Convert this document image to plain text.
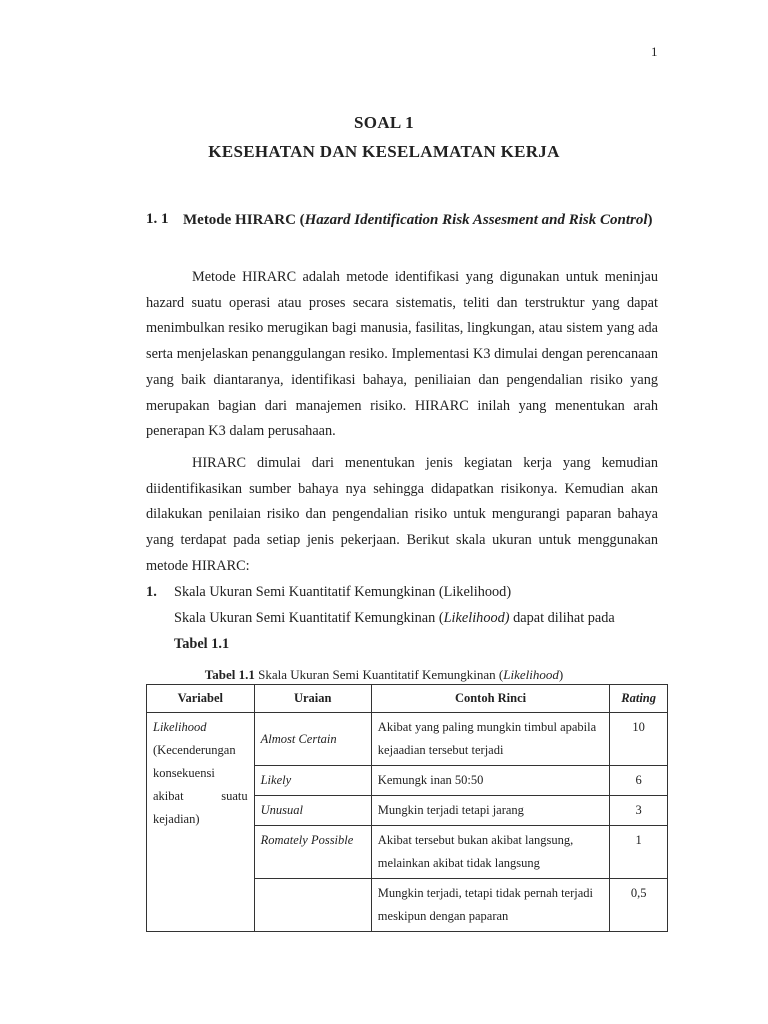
1
SOAL 1
KESEHATAN DAN KESELAMATAN KERJA
1. 1 Metode HIRARC (Hazard Identification Risk Assesment and Risk Control)

Metode HIRARC adalah metode identifikasi yang digunakan untuk meninjau hazard suatu operasi atau proses secara sistematis, teliti dan terstruktur yang dapat menimbulkan resiko merugikan bagi manusia, fasilitas, lingkungan, atau sistem yang ada serta menjelaskan penanggulangan resiko. Implementasi K3 dimulai dengan perencanaan yang baik diantaranya, identifikasi bahaya, peniliaian dan pengendalian risiko yang merupakan bagian dari manajemen risiko. HIRARC inilah yang menentukan arah penerapan K3 dalam perusahaan.

HIRARC dimulai dari menentukan jenis kegiatan kerja yang kemudian diidentifikasikan sumber bahaya nya sehingga didapatkan risikonya. Kemudian akan dilakukan penilaian risiko dan pengendalian risiko untuk mengurangi paparan bahaya yang terdapat pada setiap jenis pekerjaan. Berikut skala ukuran untuk menggunakan metode HIRARC:

1. Skala Ukuran Semi Kuantitatif Kemungkinan (Likelihood)
Skala Ukuran Semi Kuantitatif Kemungkinan (Likelihood) dapat dilihat pada
Tabel 1.1
Tabel 1.1 Skala Ukuran Semi Kuantitatif Kemungkinan (Likelihood)
Variabel	Uraian	Contoh Rinci	Rating
Likelihood
(Kecenderungan konsekuensi akibat suatu kejadian)	Almost Certain	Akibat yang paling mungkin timbul apabila kejaadian tersebut terjadi	10
	Likely	Kemungk inan 50:50	6
	Unusual	Mungkin terjadi tetapi jarang	3
	Romately Possible	Akibat tersebut bukan akibat langsung, melainkan akibat tidak langsung	1
		Mungkin terjadi, tetapi tidak pernah terjadi meskipun dengan paparan	0,5
